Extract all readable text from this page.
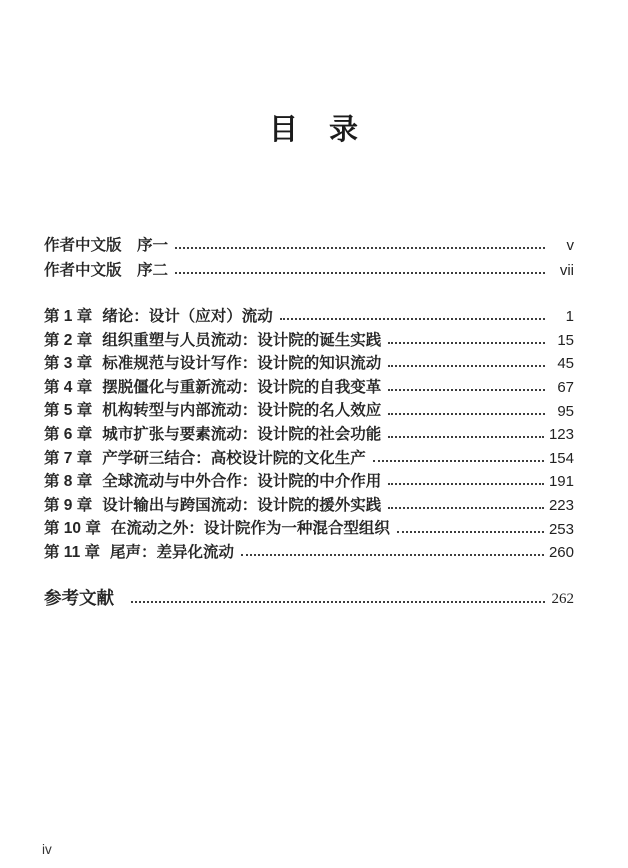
目　录
作者中文版　序一	v
作者中文版　序二	vii
第 1 章 绪论：设计（应对）流动	1
第 2 章 组织重塑与人员流动：设计院的诞生实践	15
第 3 章 标准规范与设计写作：设计院的知识流动	45
第 4 章 摆脱僵化与重新流动：设计院的自我变革	67
第 5 章 机构转型与内部流动：设计院的名人效应	95
第 6 章 城市扩张与要素流动：设计院的社会功能	123
第 7 章 产学研三结合：高校设计院的文化生产	154
第 8 章 全球流动与中外合作：设计院的中介作用	191
第 9 章 设计输出与跨国流动：设计院的援外实践	223
第 10 章 在流动之外：设计院作为一种混合型组织	253
第 11 章 尾声：差异化流动	260
参考文献	262
iv
